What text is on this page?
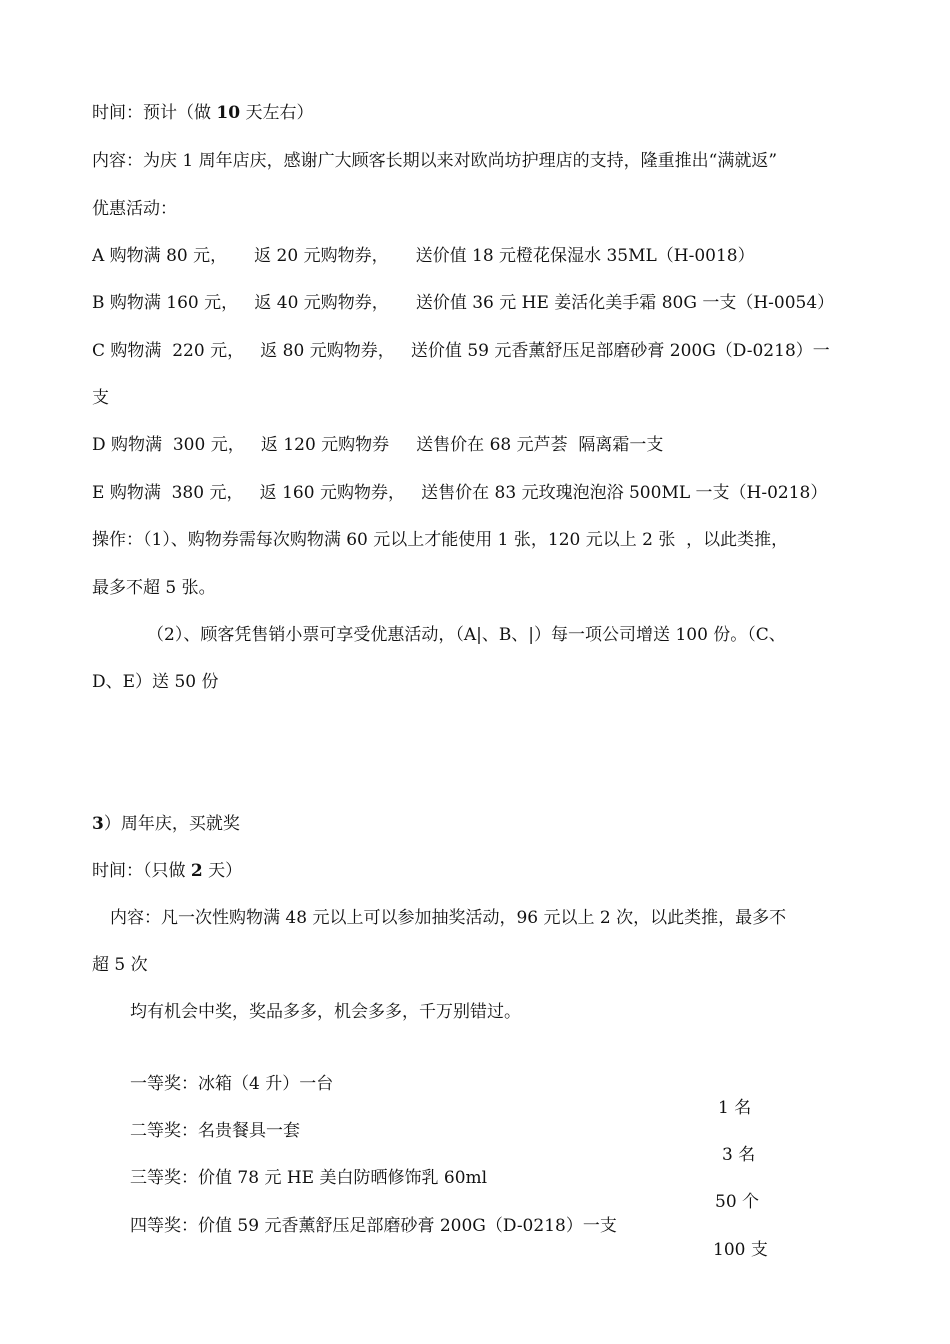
时间：预计（做 10 天左右）
内容：为庆 1 周年店庆，感谢广大顾客长期以来对欧尚坊护理店的支持，隆重推出“满就返”
优惠活动：
A 购物满 80 元，     返 20 元购物券，     送价值 18 元橙花保湿水 35ML（H-0018）
B 购物满 160 元，   返 40 元购物券，     送价值 36 元 HE 姜活化美手霜 80G 一支（H-0054）
C 购物满  220 元，   返 80 元购物券，   送价值 59 元香薰舒压足部磨砂膏 200G（D-0218）一
支
D 购物满  300 元，   返 120 元购物券     送售价在 68 元芦荟  隔离霜一支
E 购物满  380 元，   返 160 元购物券，   送售价在 83 元玫瑰泡泡浴 500ML 一支（H-0218）
操作：（1）、购物券需每次购物满 60 元以上才能使用 1 张，120 元以上 2 张  ，以此类推，
最多不超 5 张。
（2）、顾客凭售销小票可享受优惠活动，（A|、B、|）每一项公司增送 100 份。（C、
D、E）送 50 份
3）周年庆，买就奖
时间：（只做 2 天）
内容：凡一次性购物满 48 元以上可以参加抽奖活动，96 元以上 2 次，以此类推，最多不
超 5 次
均有机会中奖，奖品多多，机会多多，千万别错过。

一等奖：冰箱（4 升）一台

1 名

二等奖：名贵餐具一套

3 名

三等奖：价值 78 元 HE 美白防晒修饰乳 60ml

50 个

四等奖：价值 59 元香薰舒压足部磨砂膏 200G（D-0218）一支

100 支
